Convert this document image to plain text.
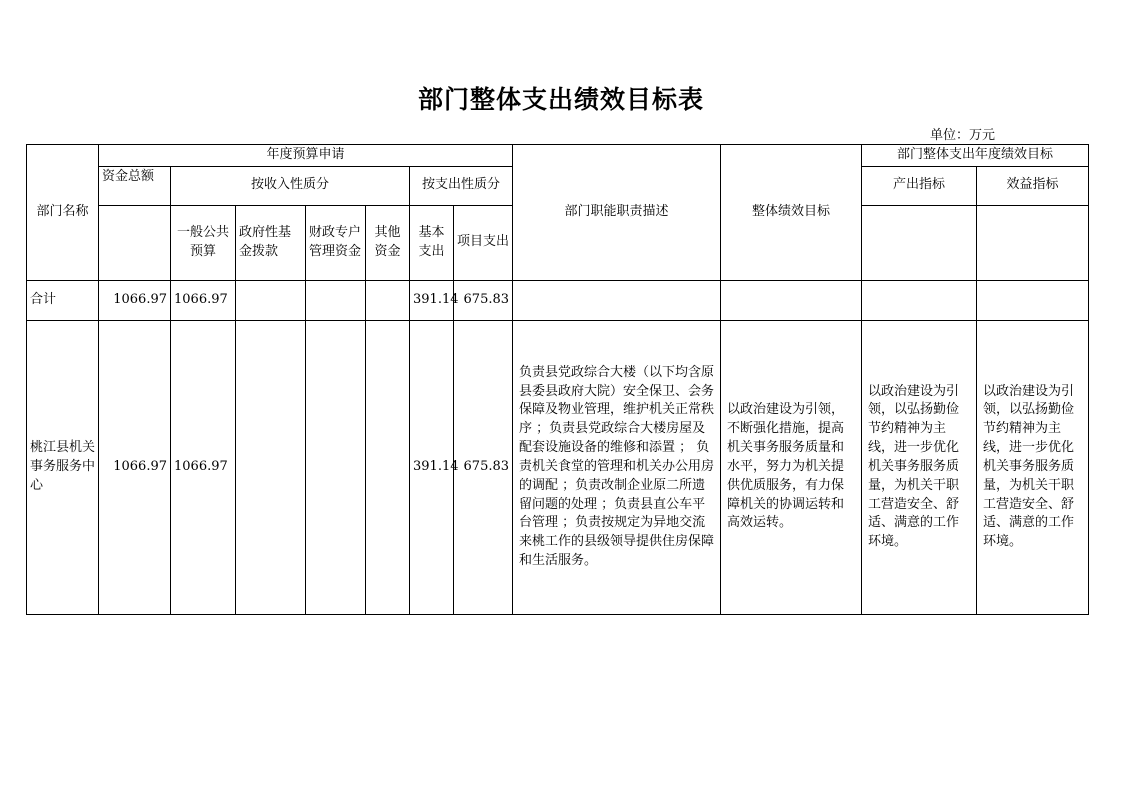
部门整体支出绩效目标表
单位：万元
部门名称	年度预算申请							部门职能职责描述	整体绩效目标	部门整体支出年度绩效目标	
	资金总额	按收入性质分				按支出性质分				产出指标	效益指标
		一般公共预算	政府性基金拨款	财政专户管理资金	其他资金	基本支出	项目支出				
合计	1066.97	1066.97				391.14	675.83				
桃江县机关事务服务中心	1066.97	1066.97				391.14	675.83	负责县党政综合大楼（以下均含原县委县政府大院）安全保卫、会务保障及物业管理，维护机关正常秩序 ；负责县党政综合大楼房屋及配套设施设备的维修和添置 ； 负责机关食堂的管理和机关办公用房的调配 ；负责改制企业原二所遗留问题的处理 ；负责县直公车平台管理 ；负责按规定为异地交流来桃工作的县级领导提供住房保障和生活服务。	以政治建设为引领，不断强化措施，提高机关事务服务质量和水平，努力为机关提供优质服务，有力保障机关的协调运转和高效运转。	以政治建设为引领，以弘扬勤俭节约精神为主线，进一步优化机关事务服务质量，为机关干职工营造安全、舒适、满意的工作环境。	以政治建设为引领，以弘扬勤俭节约精神为主线，进一步优化机关事务服务质量，为机关干职工营造安全、舒适、满意的工作环境。
